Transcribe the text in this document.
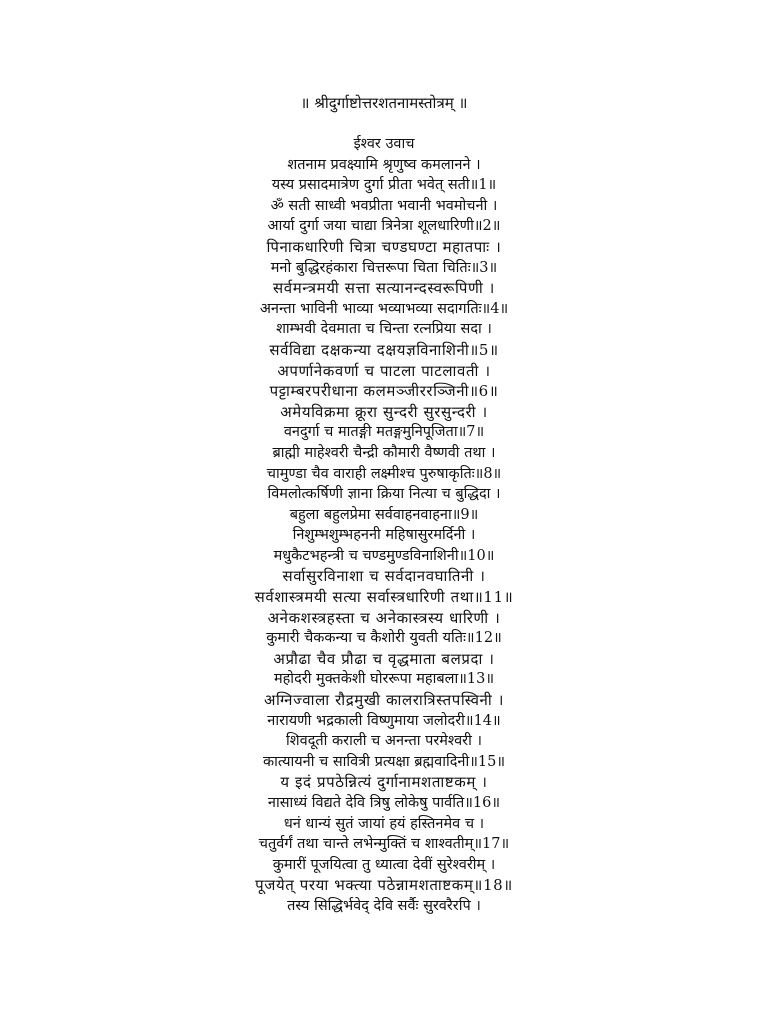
॥ श्रीदुर्गाष्टोत्तरशतनामस्तोत्रम् ॥
ईश्वर उवाच
शतनाम प्रवक्ष्यामि श्रृणुष्व कमलानने ।
यस्य प्रसादमात्रेण दुर्गा प्रीता भवेत् सती॥1॥
ॐ सती साध्वी भवप्रीता भवानी भवमोचनी ।
आर्या दुर्गा जया चाद्या त्रिनेत्रा शूलधारिणी॥2॥
पिनाकधारिणी चित्रा चण्डघण्टा महातपाः ।
मनो बुद्धिरहंकारा चित्तरूपा चिता चितिः॥3॥
सर्वमन्त्रमयी सत्ता सत्यानन्दस्वरूपिणी ।
अनन्ता भाविनी भाव्या भव्याभव्या सदागतिः॥4॥
शाम्भवी देवमाता च चिन्ता रत्नप्रिया सदा ।
सर्वविद्या दक्षकन्या दक्षयज्ञविनाशिनी॥5॥
अपर्णानेकवर्णा च पाटला पाटलावती ।
पट्टाम्बरपरीधाना कलमञ्जीररञ्जिनी॥6॥
अमेयविक्रमा क्रूरा सुन्दरी सुरसुन्दरी ।
वनदुर्गा च मातङ्गी मतङ्गमुनिपूजिता॥7॥
ब्राह्मी माहेश्वरी चैन्द्री कौमारी वैष्णवी तथा ।
चामुण्डा चैव वाराही लक्ष्मीश्च पुरुषाकृतिः॥8॥
विमलोत्कर्षिणी ज्ञाना क्रिया नित्या च बुद्धिदा ।
बहुला बहुलप्रेमा सर्ववाहनवाहना॥9॥
निशुम्भशुम्भहननी महिषासुरमर्दिनी ।
मधुकैटभहन्त्री च चण्डमुण्डविनाशिनी॥10॥
सर्वासुरविनाशा च सर्वदानवघातिनी ।
सर्वशास्त्रमयी सत्या सर्वास्त्रधारिणी तथा॥11॥
अनेकशस्त्रहस्ता च अनेकास्त्रस्य धारिणी ।
कुमारी चैककन्या च कैशोरी युवती यतिः॥12॥
अप्रौढा चैव प्रौढा च वृद्धमाता बलप्रदा ।
महोदरी मुक्तकेशी घोररूपा महाबला॥13॥
अग्निज्वाला रौद्रमुखी कालरात्रिस्तपस्विनी ।
नारायणी भद्रकाली विष्णुमाया जलोदरी॥14॥
शिवदूती कराली च अनन्ता परमेश्वरी ।
कात्यायनी च सावित्री प्रत्यक्षा ब्रह्मवादिनी॥15॥
य इदं प्रपठेन्नित्यं दुर्गानामशताष्टकम् ।
नासाध्यं विद्यते देवि त्रिषु लोकेषु पार्वति॥16॥
धनं धान्यं सुतं जायां हयं हस्तिनमेव च ।
चतुर्वर्गं तथा चान्ते लभेन्मुक्तिं च शाश्वतीम्॥17॥
कुमारीं पूजयित्वा तु ध्यात्वा देवीं सुरेश्वरीम् ।
पूजयेत् परया भक्त्या पठेन्नामशताष्टकम्॥18॥
तस्य सिद्धिर्भवेद् देवि सर्वैः सुरवरैरपि ।
